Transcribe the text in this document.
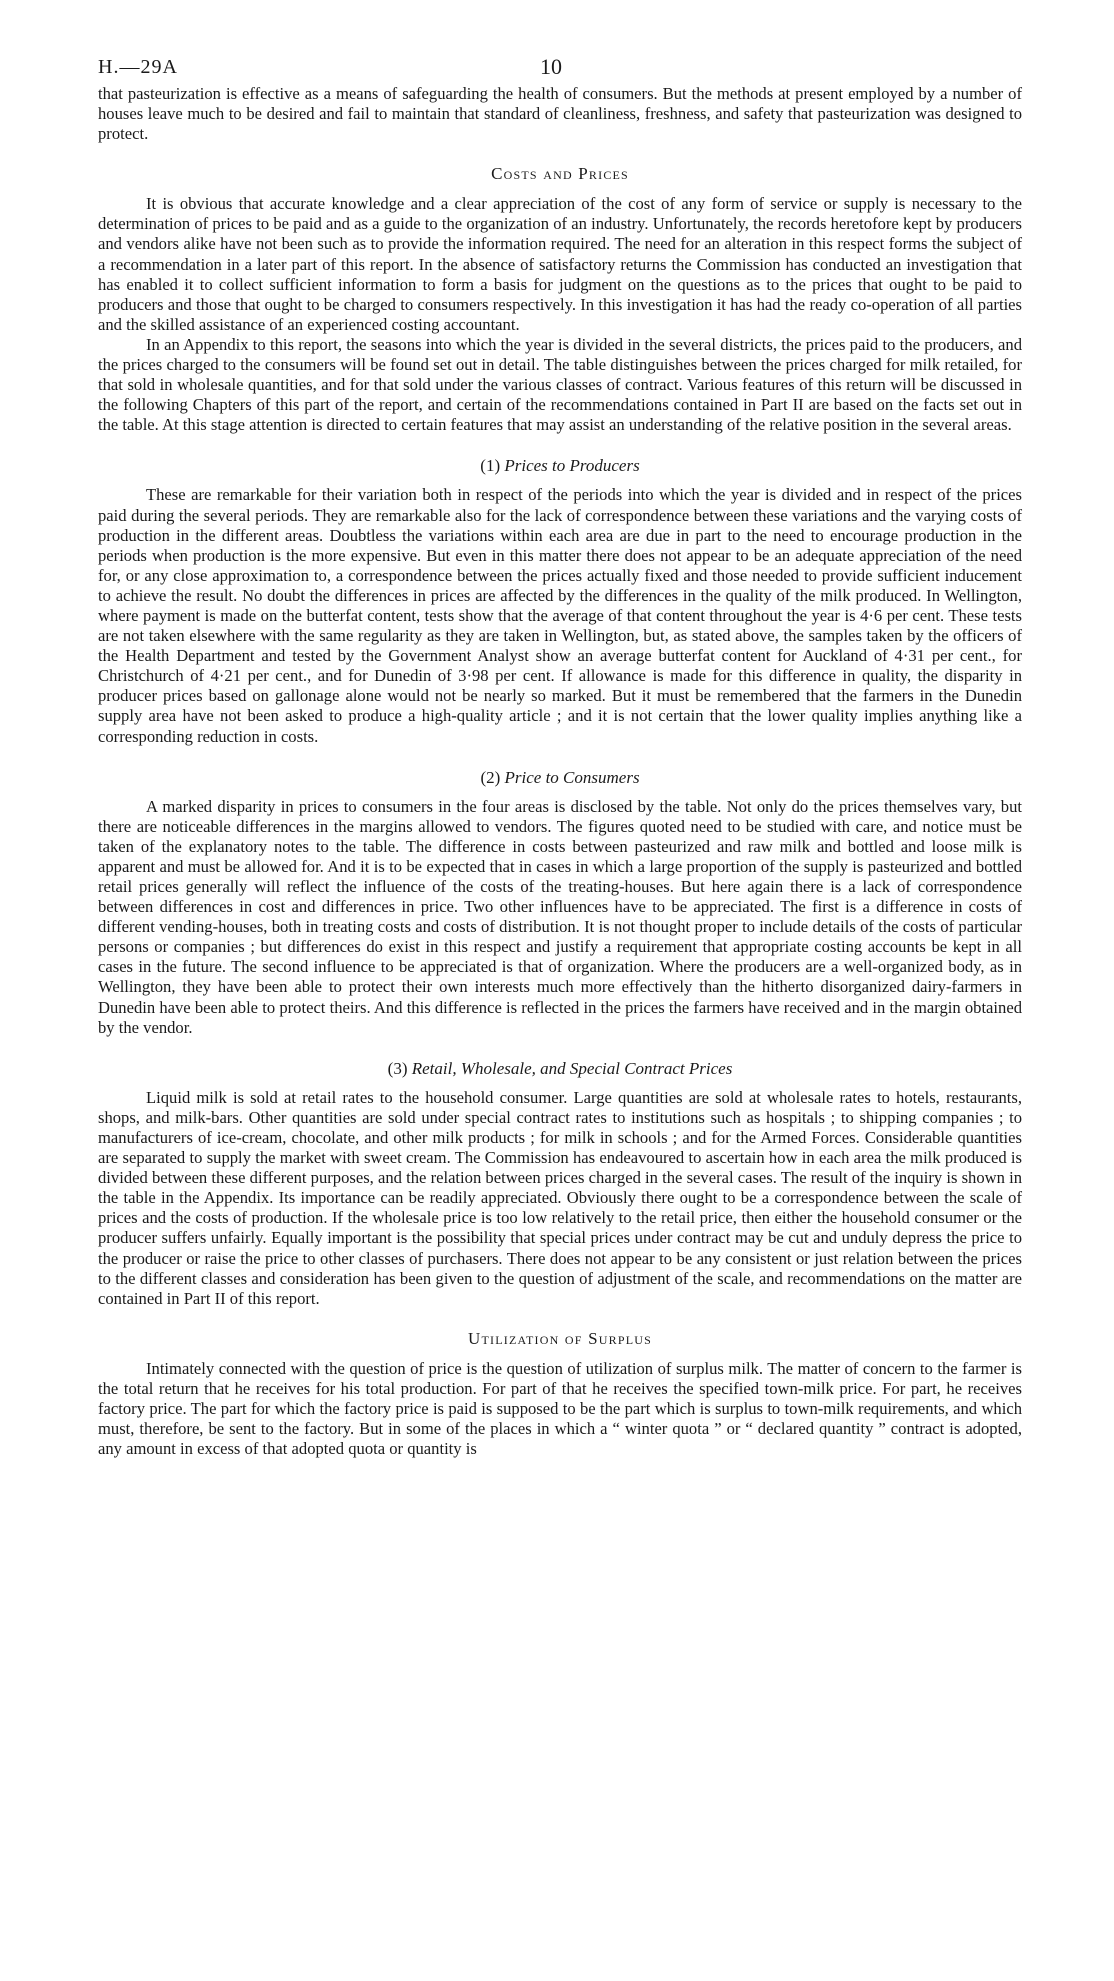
H.—29A	10

that pasteurization is effective as a means of safeguarding the health of consumers. But the methods at present employed by a number of houses leave much to be desired and fail to maintain that standard of cleanliness, freshness, and safety that pasteurization was designed to protect.

Costs and Prices

It is obvious that accurate knowledge and a clear appreciation of the cost of any form of service or supply is necessary to the determination of prices to be paid and as a guide to the organization of an industry. Unfortunately, the records heretofore kept by producers and vendors alike have not been such as to provide the information required. The need for an alteration in this respect forms the subject of a recommendation in a later part of this report. In the absence of satisfactory returns the Commission has conducted an investigation that has enabled it to collect sufficient information to form a basis for judgment on the questions as to the prices that ought to be paid to producers and those that ought to be charged to consumers respectively. In this investigation it has had the ready co-operation of all parties and the skilled assistance of an experienced costing accountant.

In an Appendix to this report, the seasons into which the year is divided in the several districts, the prices paid to the producers, and the prices charged to the consumers will be found set out in detail. The table distinguishes between the prices charged for milk retailed, for that sold in wholesale quantities, and for that sold under the various classes of contract. Various features of this return will be discussed in the following Chapters of this part of the report, and certain of the recommendations contained in Part II are based on the facts set out in the table. At this stage attention is directed to certain features that may assist an understanding of the relative position in the several areas.

(1) Prices to Producers

These are remarkable for their variation both in respect of the periods into which the year is divided and in respect of the prices paid during the several periods. They are remarkable also for the lack of correspondence between these variations and the varying costs of production in the different areas. Doubtless the variations within each area are due in part to the need to encourage production in the periods when production is the more expensive. But even in this matter there does not appear to be an adequate appreciation of the need for, or any close approximation to, a correspondence between the prices actually fixed and those needed to provide sufficient inducement to achieve the result. No doubt the differences in prices are affected by the differences in the quality of the milk produced. In Wellington, where payment is made on the butterfat content, tests show that the average of that content throughout the year is 4·6 per cent. These tests are not taken elsewhere with the same regularity as they are taken in Wellington, but, as stated above, the samples taken by the officers of the Health Department and tested by the Government Analyst show an average butterfat content for Auckland of 4·31 per cent., for Christchurch of 4·21 per cent., and for Dunedin of 3·98 per cent. If allowance is made for this difference in quality, the disparity in producer prices based on gallonage alone would not be nearly so marked. But it must be remembered that the farmers in the Dunedin supply area have not been asked to produce a high-quality article ; and it is not certain that the lower quality implies anything like a corresponding reduction in costs.

(2) Price to Consumers

A marked disparity in prices to consumers in the four areas is disclosed by the table. Not only do the prices themselves vary, but there are noticeable differences in the margins allowed to vendors. The figures quoted need to be studied with care, and notice must be taken of the explanatory notes to the table. The difference in costs between pasteurized and raw milk and bottled and loose milk is apparent and must be allowed for. And it is to be expected that in cases in which a large proportion of the supply is pasteurized and bottled retail prices generally will reflect the influence of the costs of the treating-houses. But here again there is a lack of correspondence between differences in cost and differences in price. Two other influences have to be appreciated. The first is a difference in costs of different vending-houses, both in treating costs and costs of distribution. It is not thought proper to include details of the costs of particular persons or companies ; but differences do exist in this respect and justify a requirement that appropriate costing accounts be kept in all cases in the future. The second influence to be appreciated is that of organization. Where the producers are a well-organized body, as in Wellington, they have been able to protect their own interests much more effectively than the hitherto disorganized dairy-farmers in Dunedin have been able to protect theirs. And this difference is reflected in the prices the farmers have received and in the margin obtained by the vendor.

(3) Retail, Wholesale, and Special Contract Prices

Liquid milk is sold at retail rates to the household consumer. Large quantities are sold at wholesale rates to hotels, restaurants, shops, and milk-bars. Other quantities are sold under special contract rates to institutions such as hospitals ; to shipping companies ; to manufacturers of ice-cream, chocolate, and other milk products ; for milk in schools ; and for the Armed Forces. Considerable quantities are separated to supply the market with sweet cream. The Commission has endeavoured to ascertain how in each area the milk produced is divided between these different purposes, and the relation between prices charged in the several cases. The result of the inquiry is shown in the table in the Appendix. Its importance can be readily appreciated. Obviously there ought to be a correspondence between the scale of prices and the costs of production. If the wholesale price is too low relatively to the retail price, then either the household consumer or the producer suffers unfairly. Equally important is the possibility that special prices under contract may be cut and unduly depress the price to the producer or raise the price to other classes of purchasers. There does not appear to be any consistent or just relation between the prices to the different classes and consideration has been given to the question of adjustment of the scale, and recommendations on the matter are contained in Part II of this report.

Utilization of Surplus

Intimately connected with the question of price is the question of utilization of surplus milk. The matter of concern to the farmer is the total return that he receives for his total production. For part of that he receives the specified town-milk price. For part, he receives factory price. The part for which the factory price is paid is supposed to be the part which is surplus to town-milk requirements, and which must, therefore, be sent to the factory. But in some of the places in which a “ winter quota ” or “ declared quantity ” contract is adopted, any amount in excess of that adopted quota or quantity is
